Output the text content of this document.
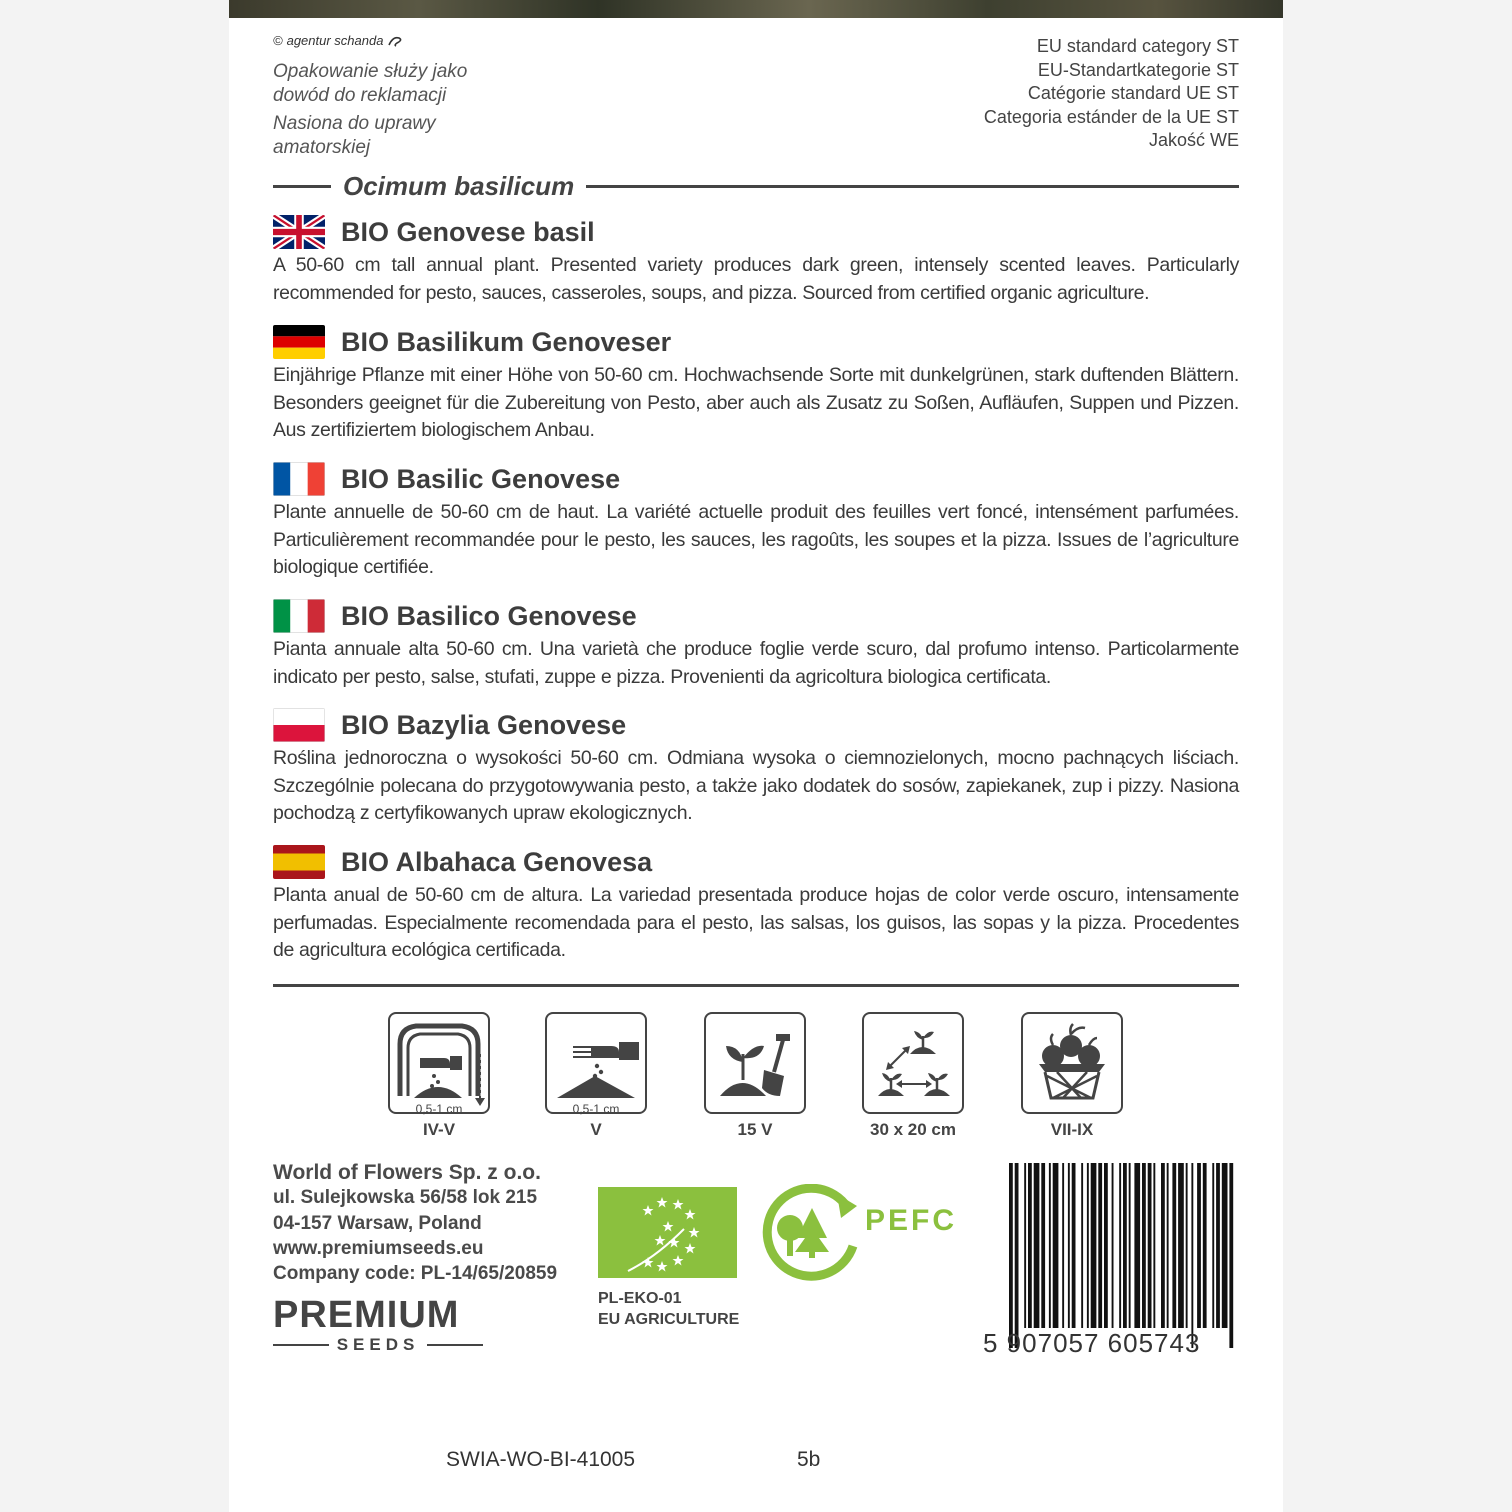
© agentur schanda
Opakowanie służy jako dowód do reklamacji
Nasiona do uprawy amatorskiej
EU standard category ST
EU-Standartkategorie ST
Catégorie standard UE ST
Categoria estánder de la UE ST
Jakość WE
Ocimum basilicum
BIO Genovese basil
A 50-60 cm tall annual plant. Presented variety produces dark green, intensely scented leaves. Particularly recommended for pesto, sauces, casseroles, soups, and pizza. Sourced from certified organic agriculture.
BIO Basilikum Genoveser
Einjährige Pflanze mit einer Höhe von 50-60 cm. Hochwachsende Sorte mit dunkelgrünen, stark duftenden Blättern. Besonders geeignet für die Zubereitung von Pesto, aber auch als Zusatz zu Soßen, Aufläufen, Suppen und Pizzen. Aus zertifiziertem biologischem Anbau.
BIO Basilic Genovese
Plante annuelle de 50-60 cm de haut. La variété actuelle produit des feuilles vert foncé, intensément parfumées. Particulièrement recommandée pour le pesto, les sauces, les ragoûts, les soupes et la pizza. Issues de l’agriculture biologique certifiée.
BIO Basilico Genovese
Pianta annuale alta 50-60 cm. Una varietà che produce foglie verde scuro, dal profumo intenso. Particolarmente indicato per pesto, salse, stufati, zuppe e pizza. Provenienti da agricoltura biologica certificata.
BIO Bazylia Genovese
Roślina jednoroczna o wysokości 50-60 cm. Odmiana wysoka o ciemnozielonych, mocno pachnących liściach. Szczególnie polecana do przygotowywania pesto, a także jako dodatek do sosów, zapiekanek, zup i pizzy. Nasiona pochodzą z certyfikowanych upraw ekologicznych.
BIO Albahaca Genovesa
Planta anual de 50-60 cm de altura. La variedad presentada produce hojas de color verde oscuro, intensamente perfumadas. Especialmente recomendada para el pesto, las salsas, los guisos, las sopas y la pizza. Procedentes de agricultura ecológica certificada.
0,5-1 cm
IV-V
0,5-1 cm
V	15 V	30 x 20 cm	VII-IX
World of Flowers Sp. z o.o.
ul. Sulejkowska 56/58 lok 215
04-157 Warsaw, Poland
www.premiumseeds.eu
Company code: PL-14/65/20859
PREMIUM
SEEDS
PL-EKO-01
EU AGRICULTURE
PEFC
5 907057 605743
SWIA-WO-BI-41005	5b
